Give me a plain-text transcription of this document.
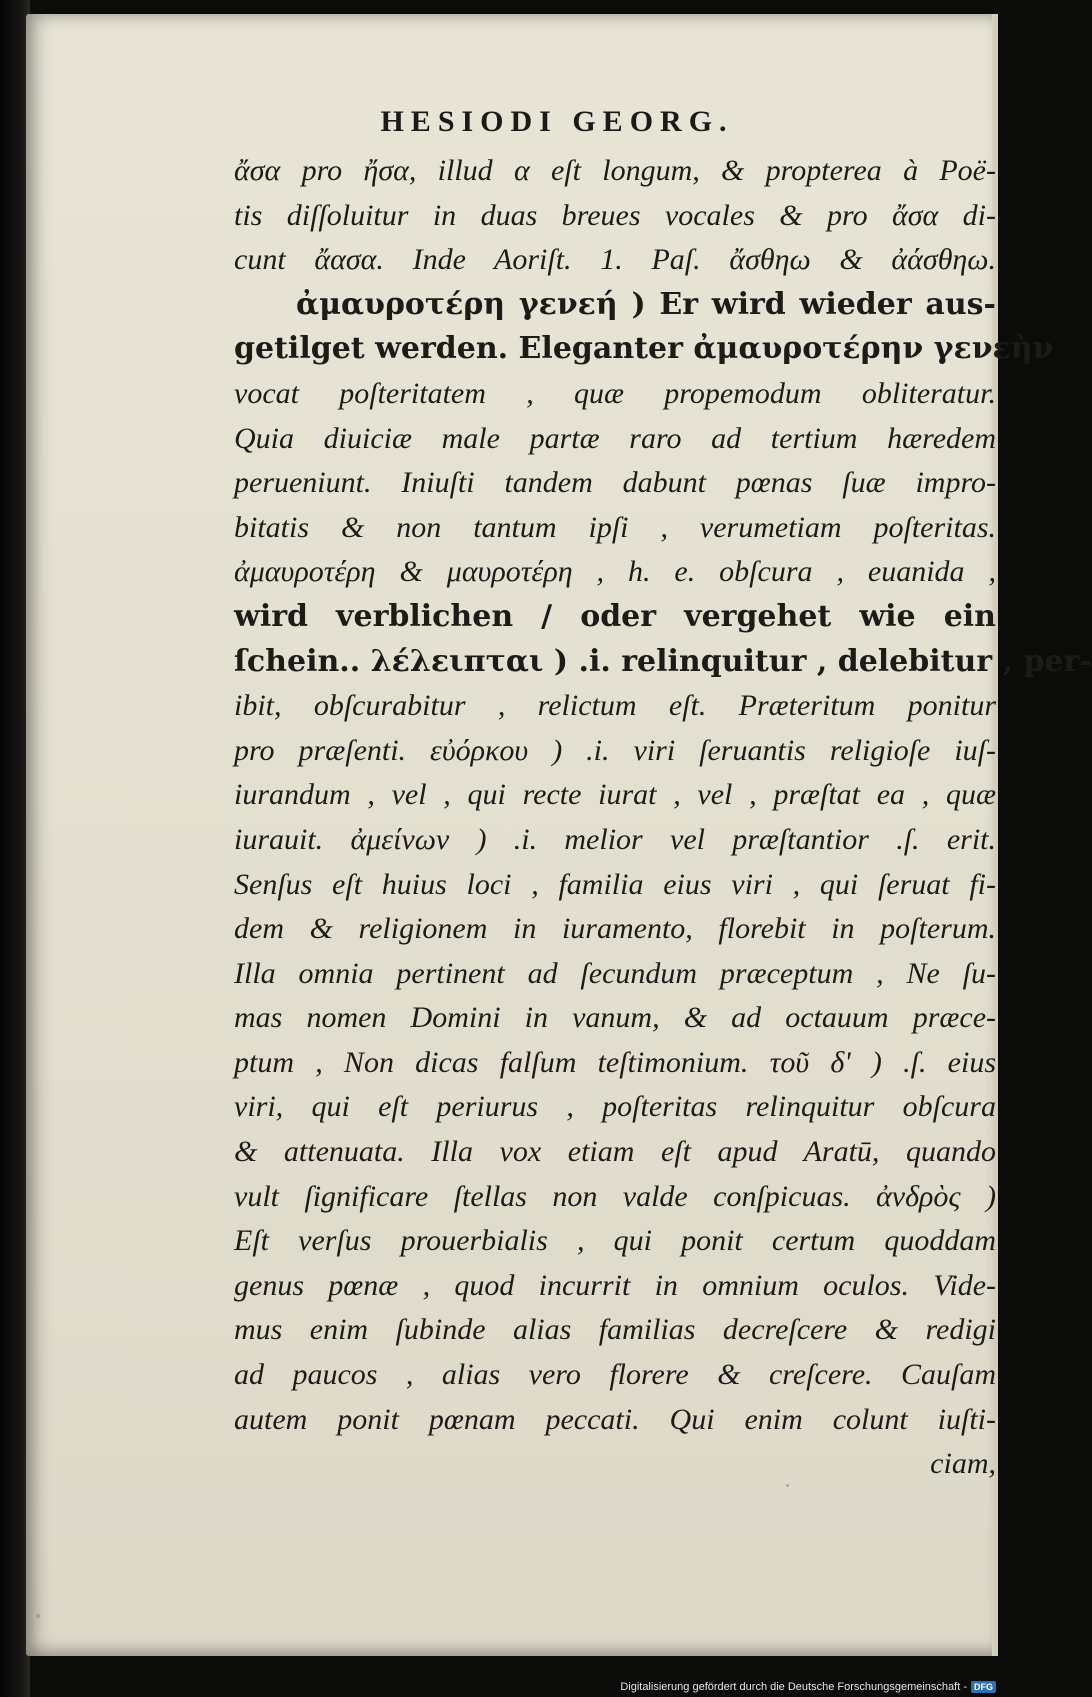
HESIODI GEORG.
ἄσα pro ἤσα, illud α eſt longum, & propterea à Poë-
tis diſſoluitur in duas breues vocales & pro ἄσα di-
cunt ἄασα. Inde Aoriſt. 1. Paſ. ἄσθηω & ἀάσθηω.
ἀμαυροτέρη γενεή ) Er wird wieder aus-
getilget werden. Eleganter ἀμαυροτέρην γενεὴν
vocat poſteritatem , quæ propemodum obliteratur.
Quia diuiciæ male partæ raro ad tertium hæredem
perueniunt. Iniuſti tandem dabunt pœnas ſuæ impro-
bitatis & non tantum ipſi , verumetiam poſteritas.
ἀμαυροτέρη & μαυροτέρη , h. e. obſcura , euanida ,
wird verblichen / oder vergehet wie ein
ſchein.. λέλειπται ) .i. relinquitur , delebitur , per-
ibit, obſcurabitur , relictum eſt. Præteritum ponitur
pro præſenti. εὐόρκου ) .i. viri ſeruantis religioſe iuſ-
iurandum , vel , qui recte iurat , vel , præſtat ea , quæ
iurauit. ἀμείνων ) .i. melior vel præſtantior .ſ. erit.
Senſus eſt huius loci , familia eius viri , qui ſeruat fi-
dem & religionem in iuramento, florebit in poſterum.
Illa omnia pertinent ad ſecundum præceptum , Ne ſu-
mas nomen Domini in vanum, & ad octauum præce-
ptum , Non dicas falſum teſtimonium. τοῦ δ' ) .ſ. eius
viri, qui eſt periurus , poſteritas relinquitur obſcura
& attenuata. Illa vox etiam eſt apud Aratū, quando
vult ſignificare ſtellas non valde conſpicuas. ἀνδρὸς )
Eſt verſus prouerbialis , qui ponit certum quoddam
genus pœnæ , quod incurrit in omnium oculos. Vide-
mus enim ſubinde alias familias decreſcere & redigi
ad paucos , alias vero florere & creſcere. Cauſam
autem ponit pœnam peccati. Qui enim colunt iuſti-
ciam,
Digitalisierung gefördert durch die Deutsche Forschungsgemeinschaft - DFG
